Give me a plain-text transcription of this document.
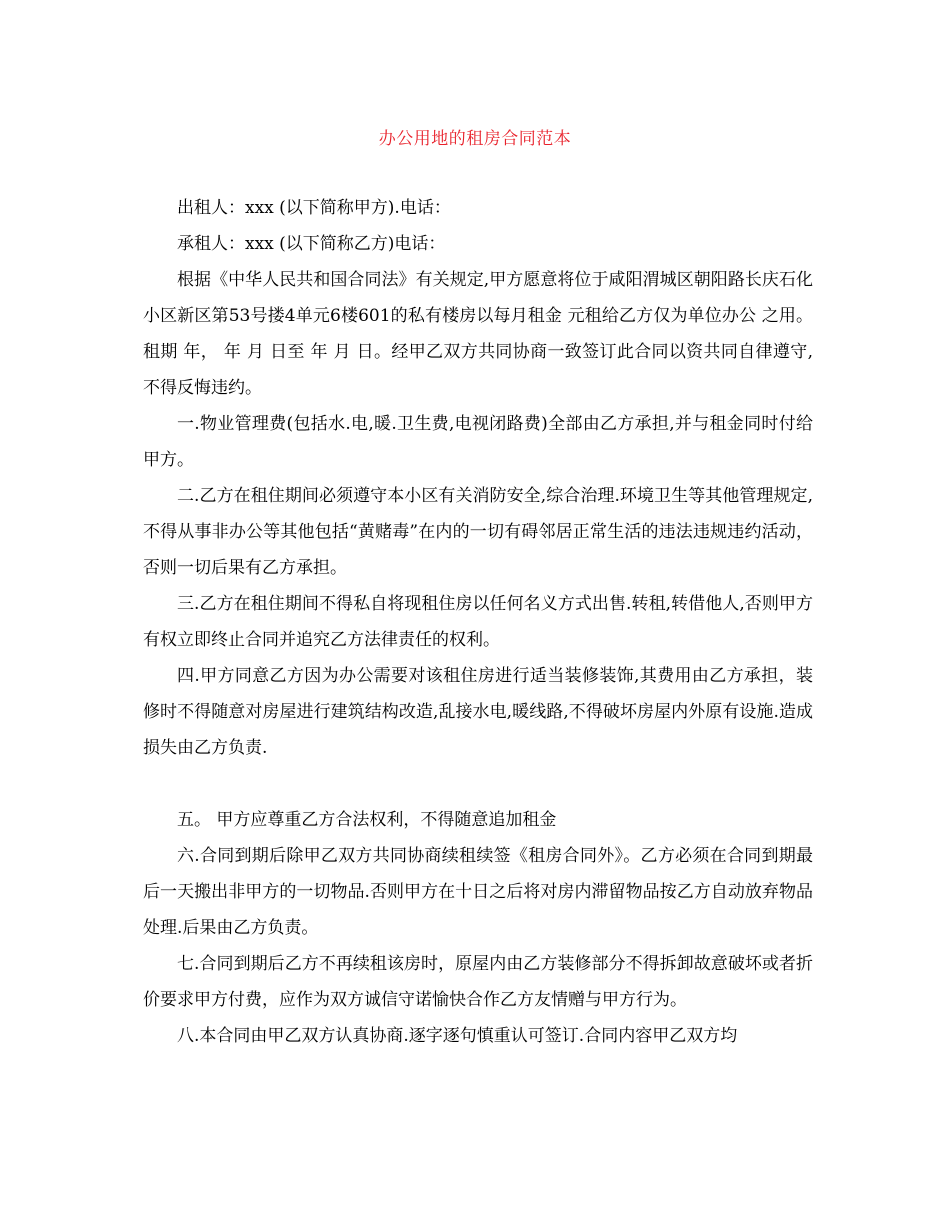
办公用地的租房合同范本

出租人：xxx (以下简称甲方).电话：

承租人：xxx (以下简称乙方)电话：

根据《中华人民共和国合同法》有关规定,甲方愿意将位于咸阳渭城区朝阳路长庆石化小区新区第53号搂4单元6楼601的私有楼房以每月租金 元租给乙方仅为单位办公 之用。租期 年， 年 月 日至 年 月 日。经甲乙双方共同协商一致签订此合同以资共同自律遵守,不得反悔违约。

一.物业管理费(包括水.电,暖.卫生费,电视闭路费)全部由乙方承担,并与租金同时付给甲方。

二.乙方在租住期间必须遵守本小区有关消防安全,综合治理.环境卫生等其他管理规定,不得从事非办公等其他包括“黄赌毒”在内的一切有碍邻居正常生活的违法违规违约活动，否则一切后果有乙方承担。

三.乙方在租住期间不得私自将现租住房以任何名义方式出售.转租,转借他人,否则甲方有权立即终止合同并追究乙方法律责任的权利。

四.甲方同意乙方因为办公需要对该租住房进行适当装修装饰,其费用由乙方承担，装修时不得随意对房屋进行建筑结构改造,乱接水电,暖线路,不得破坏房屋内外原有设施.造成损失由乙方负责.

五。 甲方应尊重乙方合法权利，不得随意追加租金

六.合同到期后除甲乙双方共同协商续租续签《租房合同外》。乙方必须在合同到期最后一天搬出非甲方的一切物品.否则甲方在十日之后将对房内滞留物品按乙方自动放弃物品处理.后果由乙方负责。

七.合同到期后乙方不再续租该房时，原屋内由乙方装修部分不得拆卸故意破坏或者折价要求甲方付费，应作为双方诚信守诺愉快合作乙方友情赠与甲方行为。

八.本合同由甲乙双方认真协商.逐字逐句慎重认可签订.合同内容甲乙双方均
